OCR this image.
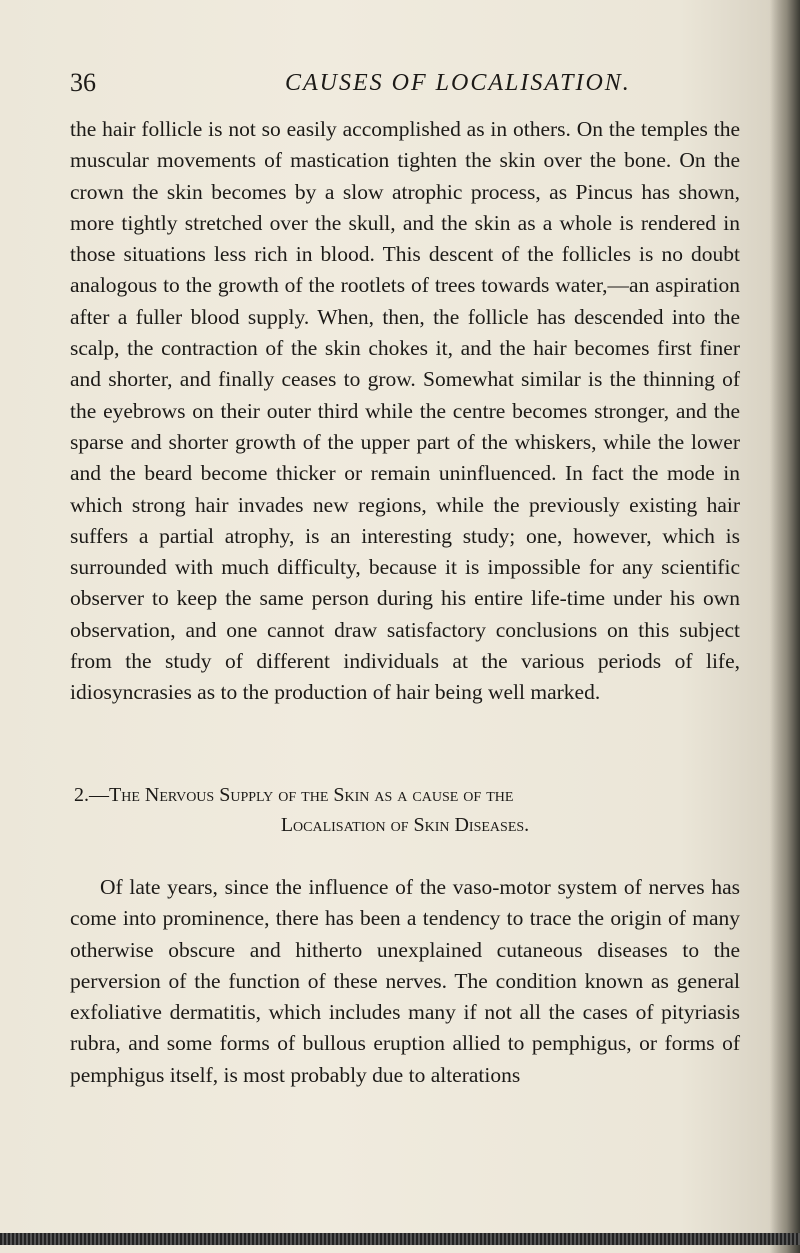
36	CAUSES OF LOCALISATION.

the hair follicle is not so easily accomplished as in others. On the temples the muscular movements of mastication tighten the skin over the bone. On the crown the skin becomes by a slow atrophic process, as Pincus has shown, more tightly stretched over the skull, and the skin as a whole is rendered in those situations less rich in blood. This descent of the follicles is no doubt analogous to the growth of the rootlets of trees towards water,—an aspiration after a fuller blood supply. When, then, the follicle has descended into the scalp, the contraction of the skin chokes it, and the hair becomes first finer and shorter, and finally ceases to grow. Somewhat similar is the thinning of the eyebrows on their outer third while the centre becomes stronger, and the sparse and shorter growth of the upper part of the whiskers, while the lower and the beard become thicker or remain uninfluenced. In fact the mode in which strong hair invades new regions, while the previously existing hair suffers a partial atrophy, is an interesting study; one, however, which is surrounded with much difficulty, because it is impossible for any scientific observer to keep the same person during his entire life-time under his own observation, and one cannot draw satisfactory conclusions on this subject from the study of different individuals at the various periods of life, idiosyncrasies as to the production of hair being well marked.

2.—The Nervous Supply of the Skin as a cause of the
Localisation of Skin Diseases.

Of late years, since the influence of the vaso-motor system of nerves has come into prominence, there has been a tendency to trace the origin of many otherwise obscure and hitherto unexplained cutaneous diseases to the perversion of the function of these nerves. The condition known as general exfoliative dermatitis, which includes many if not all the cases of pityriasis rubra, and some forms of bullous eruption allied to pemphigus, or forms of pemphigus itself, is most probably due to alterations
